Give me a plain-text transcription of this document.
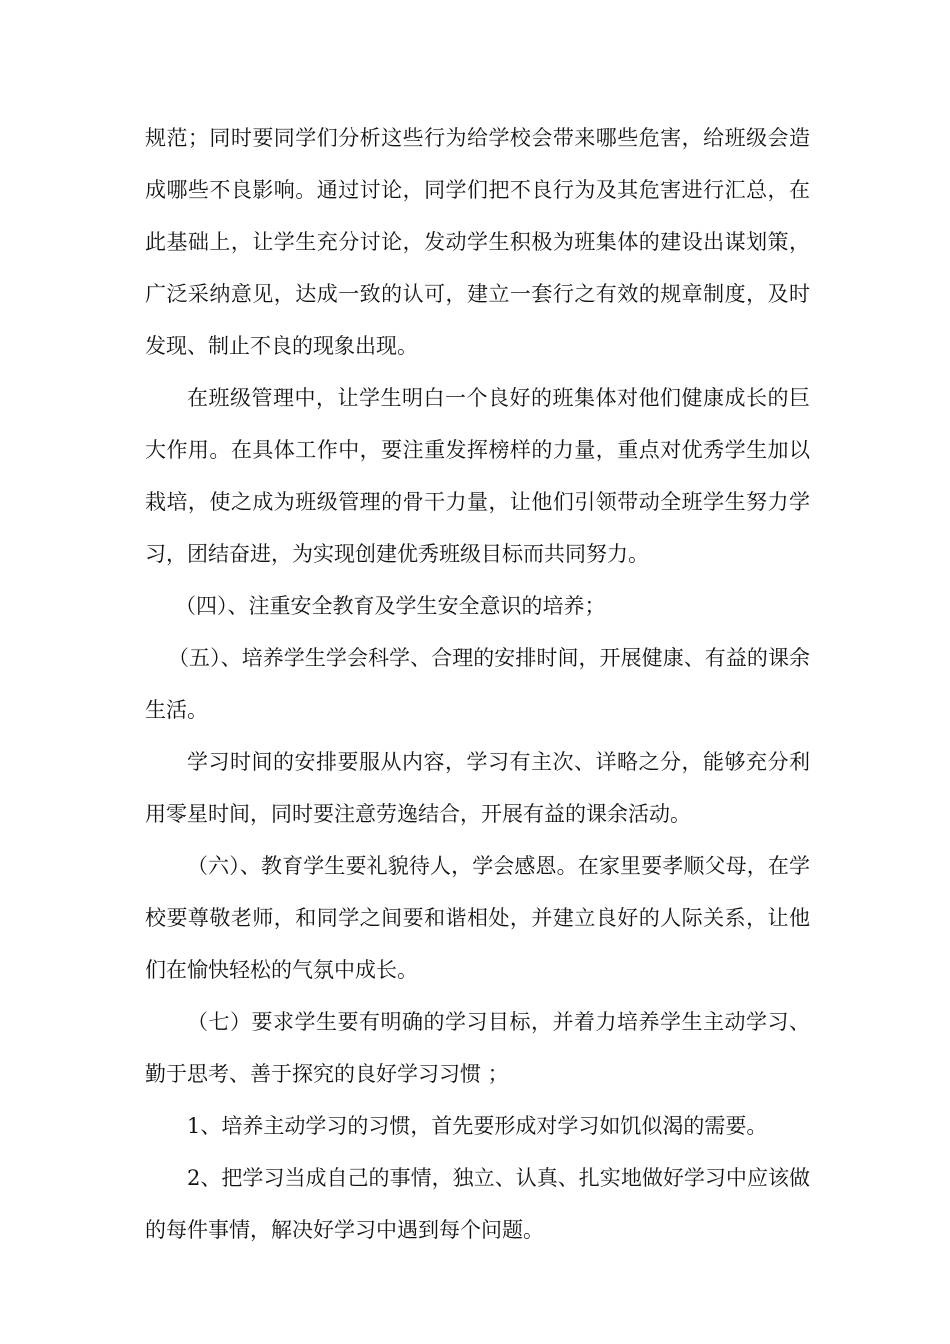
规范；同时要同学们分析这些行为给学校会带来哪些危害，给班级会造成哪些不良影响。通过讨论，同学们把不良行为及其危害进行汇总，在此基础上，让学生充分讨论，发动学生积极为班集体的建设出谋划策，广泛采纳意见，达成一致的认可，建立一套行之有效的规章制度，及时发现、制止不良的现象出现。

在班级管理中，让学生明白一个良好的班集体对他们健康成长的巨大作用。在具体工作中，要注重发挥榜样的力量，重点对优秀学生加以栽培，使之成为班级管理的骨干力量，让他们引领带动全班学生努力学习，团结奋进，为实现创建优秀班级目标而共同努力。

（四）、注重安全教育及学生安全意识的培养；

（五）、培养学生学会科学、合理的安排时间，开展健康、有益的课余生活。

学习时间的安排要服从内容，学习有主次、详略之分，能够充分利用零星时间，同时要注意劳逸结合，开展有益的课余活动。

（六）、教育学生要礼貌待人，学会感恩。在家里要孝顺父母，在学校要尊敬老师，和同学之间要和谐相处，并建立良好的人际关系，让他们在愉快轻松的气氛中成长。

（七）要求学生要有明确的学习目标，并着力培养学生主动学习、勤于思考、善于探究的良好学习习惯 ；

1、培养主动学习的习惯，首先要形成对学习如饥似渴的需要。

2、把学习当成自己的事情，独立、认真、扎实地做好学习中应该做的每件事情，解决好学习中遇到每个问题。
